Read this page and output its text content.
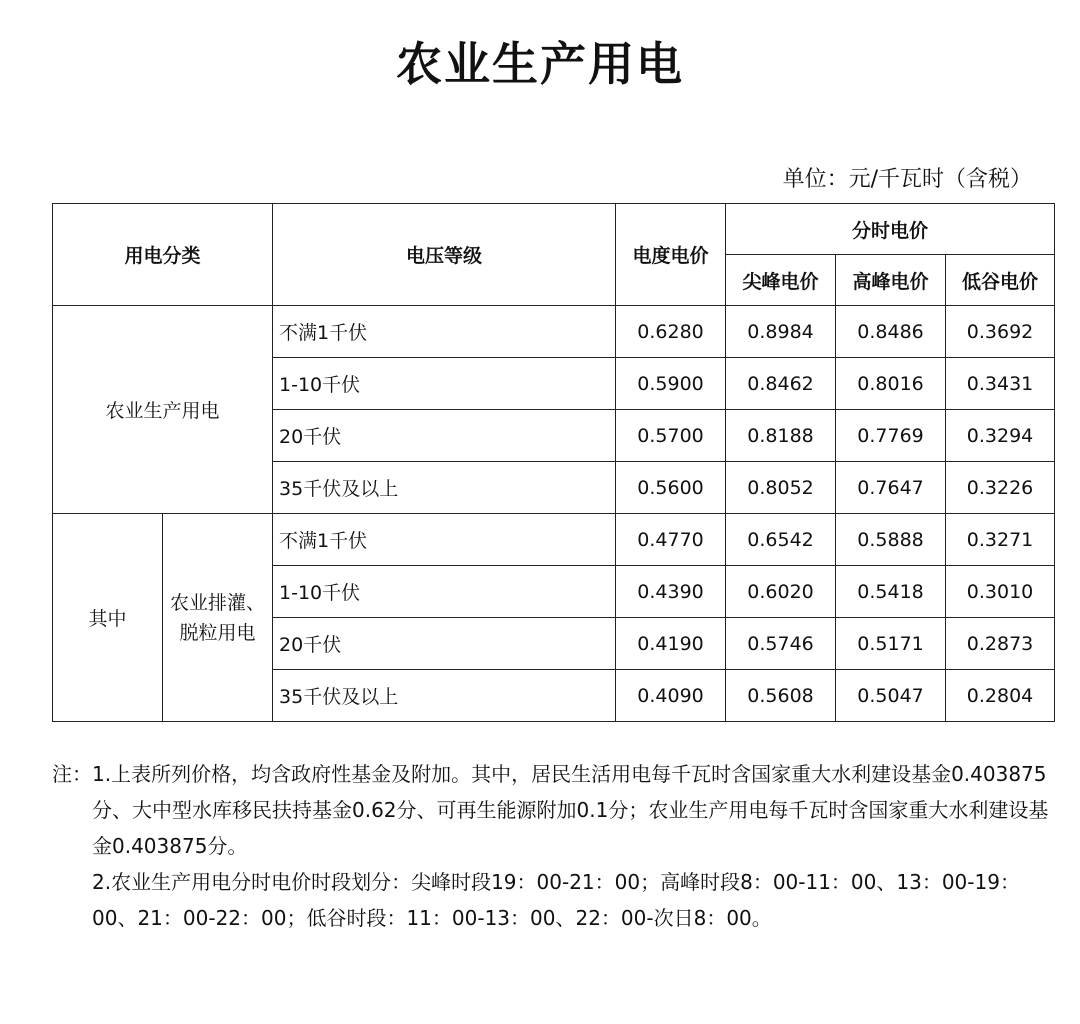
农业生产用电
单位：元/千瓦时（含税）
用电分类		电压等级	电度电价	分时电价		
				尖峰电价	高峰电价	低谷电价
农业生产用电		不满1千伏	0.6280	0.8984	0.8486	0.3692
		1-10千伏	0.5900	0.8462	0.8016	0.3431
		20千伏	0.5700	0.8188	0.7769	0.3294
		35千伏及以上	0.5600	0.8052	0.7647	0.3226
其中	农业排灌、脱粒用电	不满1千伏	0.4770	0.6542	0.5888	0.3271
		1-10千伏	0.4390	0.6020	0.5418	0.3010
		20千伏	0.4190	0.5746	0.5171	0.2873
		35千伏及以上	0.4090	0.5608	0.5047	0.2804
注： 1.上表所列价格，均含政府性基金及附加。其中，居民生活用电每千瓦时含国家重大水利建设基金0.403875分、大中型水库移民扶持基金0.62分、可再生能源附加0.1分；农业生产用电每千瓦时含国家重大水利建设基金0.403875分。
2.农业生产用电分时电价时段划分：尖峰时段19：00-21：00；高峰时段8：00-11：00、13：00-19：00、21：00-22：00；低谷时段：11：00-13：00、22：00-次日8：00。
